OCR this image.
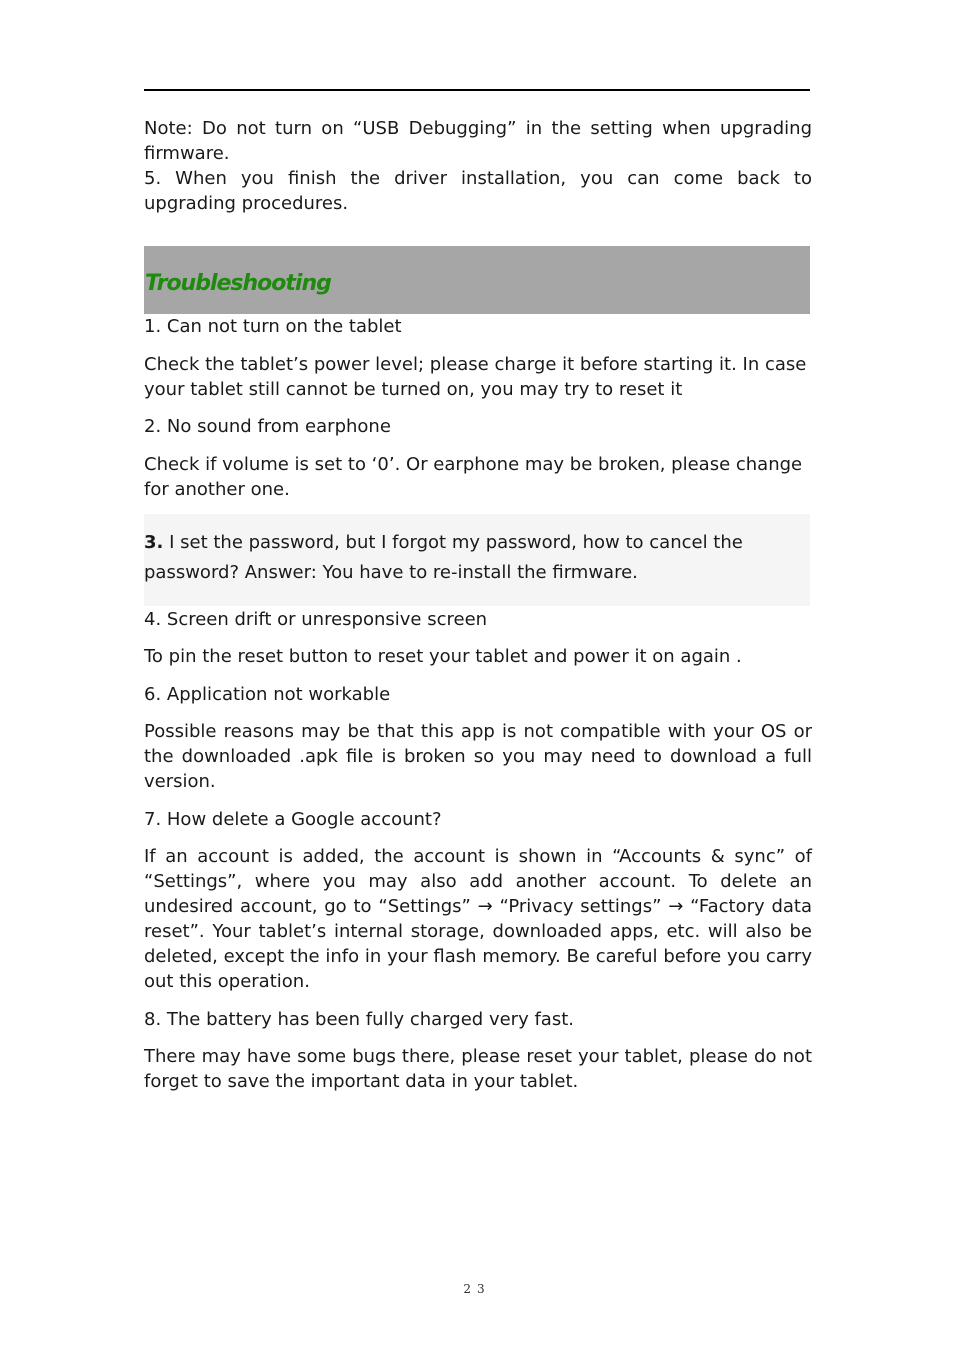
Note: Do not turn on “USB Debugging” in the setting when upgrading firmware.

5. When you finish the driver installation, you can come back to upgrading procedures.

Troubleshooting

1. Can not turn on the tablet

Check the tablet’s power level; please charge it before starting it. In case your tablet still cannot be turned on, you may try to reset it

2. No sound from earphone

Check if volume is set to ‘0’. Or earphone may be broken, please change for another one.

3. I set the password, but I forgot my password, how to cancel the

password? Answer: You have to re-install the firmware.

4. Screen drift or unresponsive screen

To pin the reset button to reset your tablet and power it on again .

6. Application not workable

Possible reasons may be that this app is not compatible with your OS or the downloaded .apk file is broken so you may need to download a full version.

7. How delete a Google account?

If an account is added, the account is shown in “Accounts & sync” of “Settings”, where you may also add another account. To delete an undesired account, go to “Settings” → “Privacy settings” → “Factory data reset”. Your tablet’s internal storage, downloaded apps, etc. will also be deleted, except the info in your flash memory. Be careful before you carry out this operation.

8. The battery has been fully charged very fast.

There may have some bugs there, please reset your tablet, please do not forget to save the important data in your tablet.

23
